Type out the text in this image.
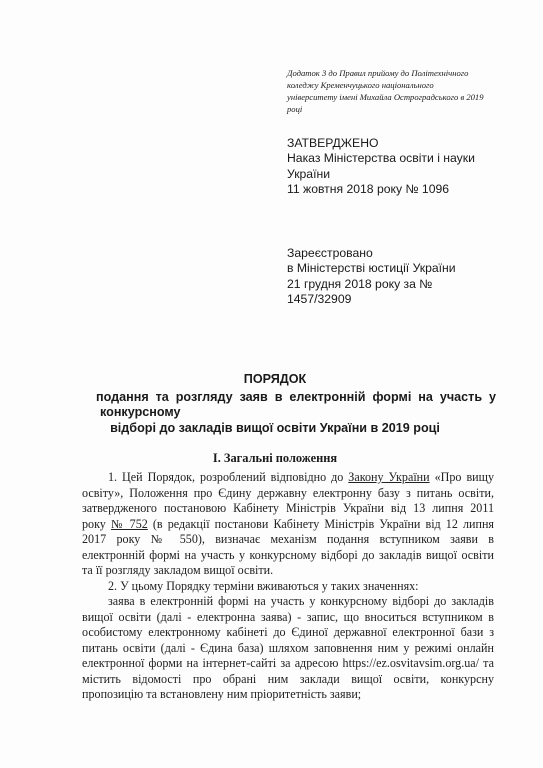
Додаток 3 до Правил прийому до Політехнічного
коледжу Кременчуцького національного
університету імені Михайла Остроградського в 2019
році
ЗАТВЕРДЖЕНО
Наказ Міністерства освіти і науки
України
11 жовтня 2018 року № 1096
Зареєстровано
в Міністерстві юстиції України
21 грудня 2018 року за №
1457/32909
ПОРЯДОК
подання та розгляду заяв в електронній формі на участь у
конкурсному
відборі до закладів вищої освіти України в 2019 році
І. Загальні положення
1. Цей Порядок, розроблений відповідно до Закону України «Про вищу
освіту», Положення про Єдину державну електронну базу з питань освіти,
затвердженого постановою Кабінету Міністрів України від 13 липня 2011
року № 752 (в редакції постанови Кабінету Міністрів України від 12 липня
2017 року № 550), визначає механізм подання вступником заяви в
електронній формі на участь у конкурсному відборі до закладів вищої освіти
та її розгляду закладом вищої освіти.
2. У цьому Порядку терміни вживаються у таких значеннях:
заява в електронній формі на участь у конкурсному відборі до закладів
вищої освіти (далі - електронна заява) - запис, що вноситься вступником в
особистому електронному кабінеті до Єдиної державної електронної бази з
питань освіти (далі - Єдина база) шляхом заповнення ним у режимі онлайн
електронної форми на інтернет-сайті за адресою https://ez.osvitavsim.org.ua/ та
містить відомості про обрані ним заклади вищої освіти, конкурсну
пропозицію та встановлену ним пріоритетність заяви;
